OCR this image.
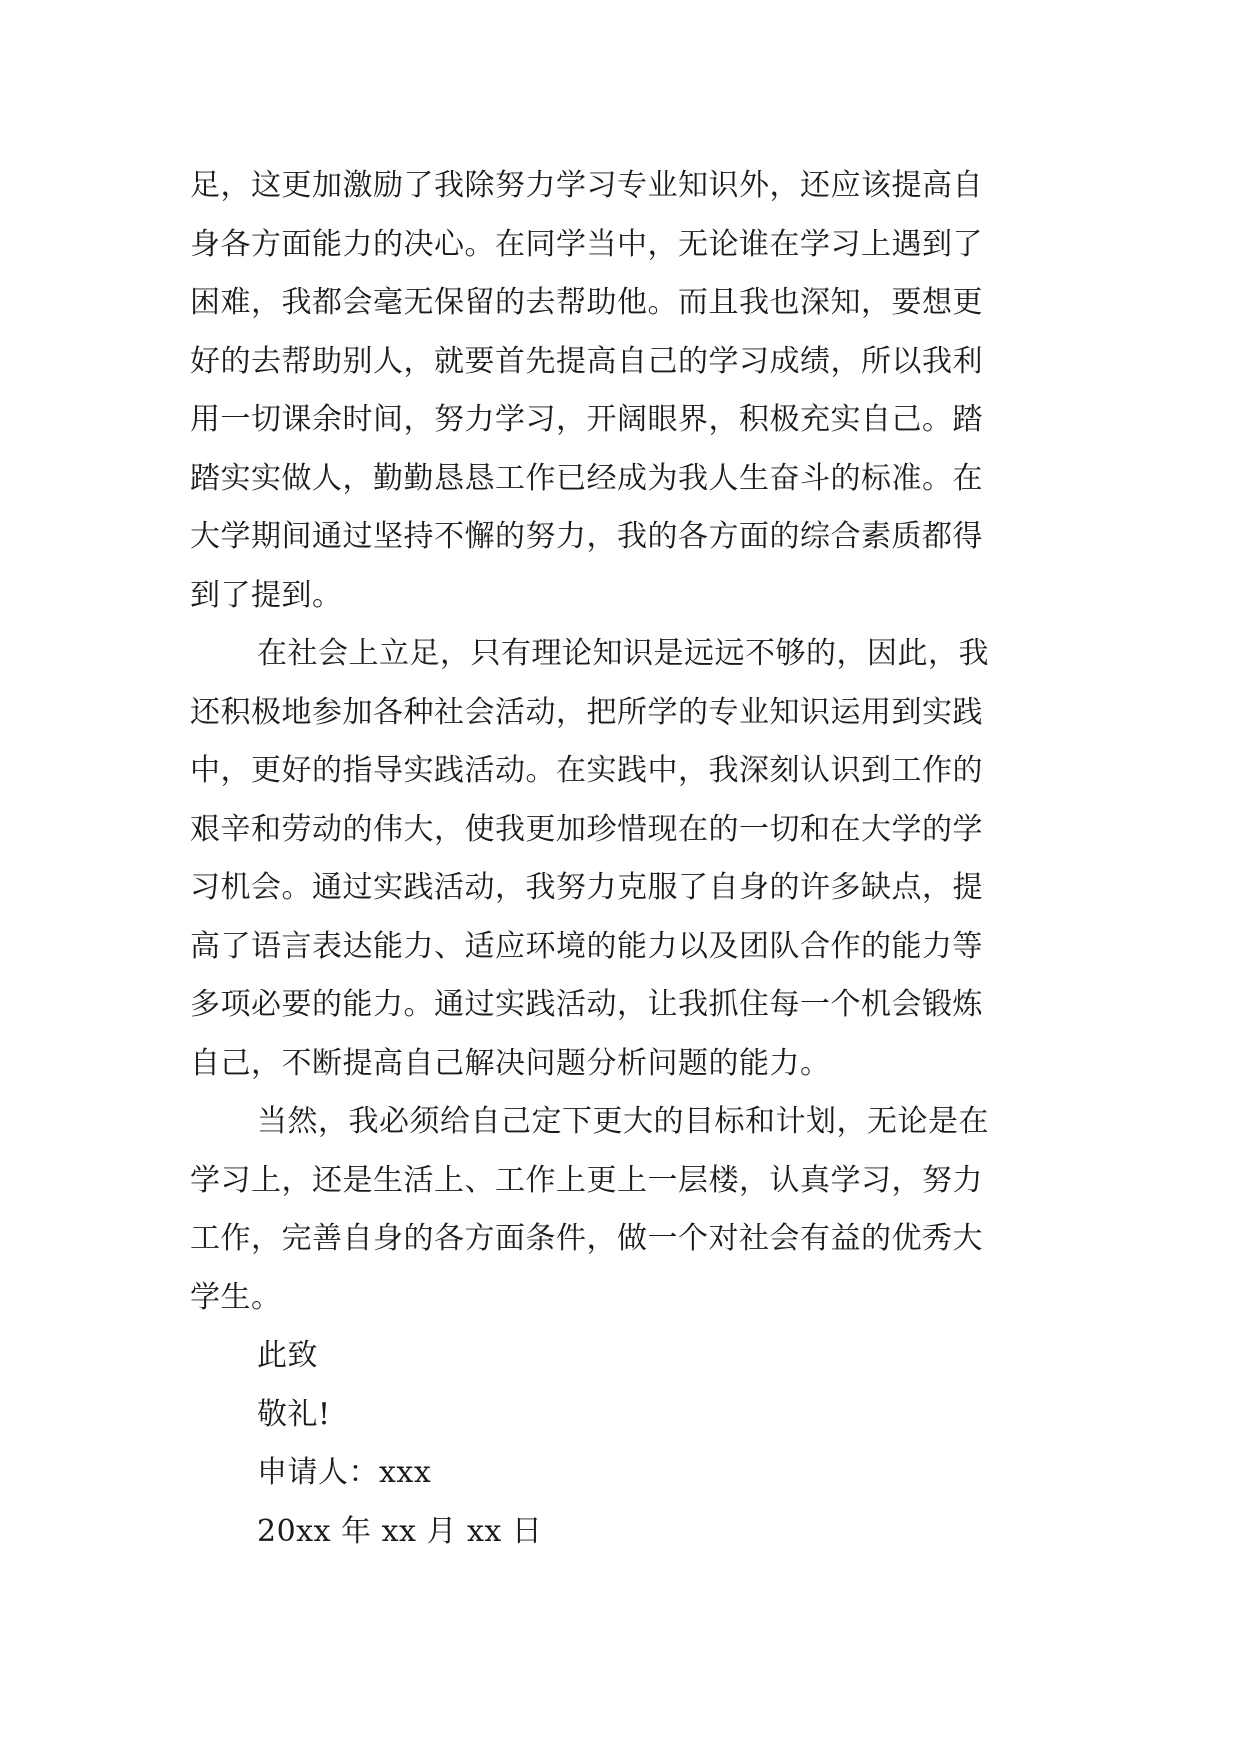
足，这更加激励了我除努力学习专业知识外，还应该提高自
身各方面能力的决心。在同学当中，无论谁在学习上遇到了
困难，我都会毫无保留的去帮助他。而且我也深知，要想更
好的去帮助别人，就要首先提高自己的学习成绩，所以我利
用一切课余时间，努力学习，开阔眼界，积极充实自己。踏
踏实实做人，勤勤恳恳工作已经成为我人生奋斗的标准。在
大学期间通过坚持不懈的努力，我的各方面的综合素质都得
到了提到。
在社会上立足，只有理论知识是远远不够的，因此，我
还积极地参加各种社会活动，把所学的专业知识运用到实践
中，更好的指导实践活动。在实践中，我深刻认识到工作的
艰辛和劳动的伟大，使我更加珍惜现在的一切和在大学的学
习机会。通过实践活动，我努力克服了自身的许多缺点，提
高了语言表达能力、适应环境的能力以及团队合作的能力等
多项必要的能力。通过实践活动，让我抓住每一个机会锻炼
自己，不断提高自己解决问题分析问题的能力。
当然，我必须给自己定下更大的目标和计划，无论是在
学习上，还是生活上、工作上更上一层楼，认真学习，努力
工作，完善自身的各方面条件，做一个对社会有益的优秀大
学生。
此致
敬礼!
申请人：xxx
20xx 年 xx 月 xx 日
